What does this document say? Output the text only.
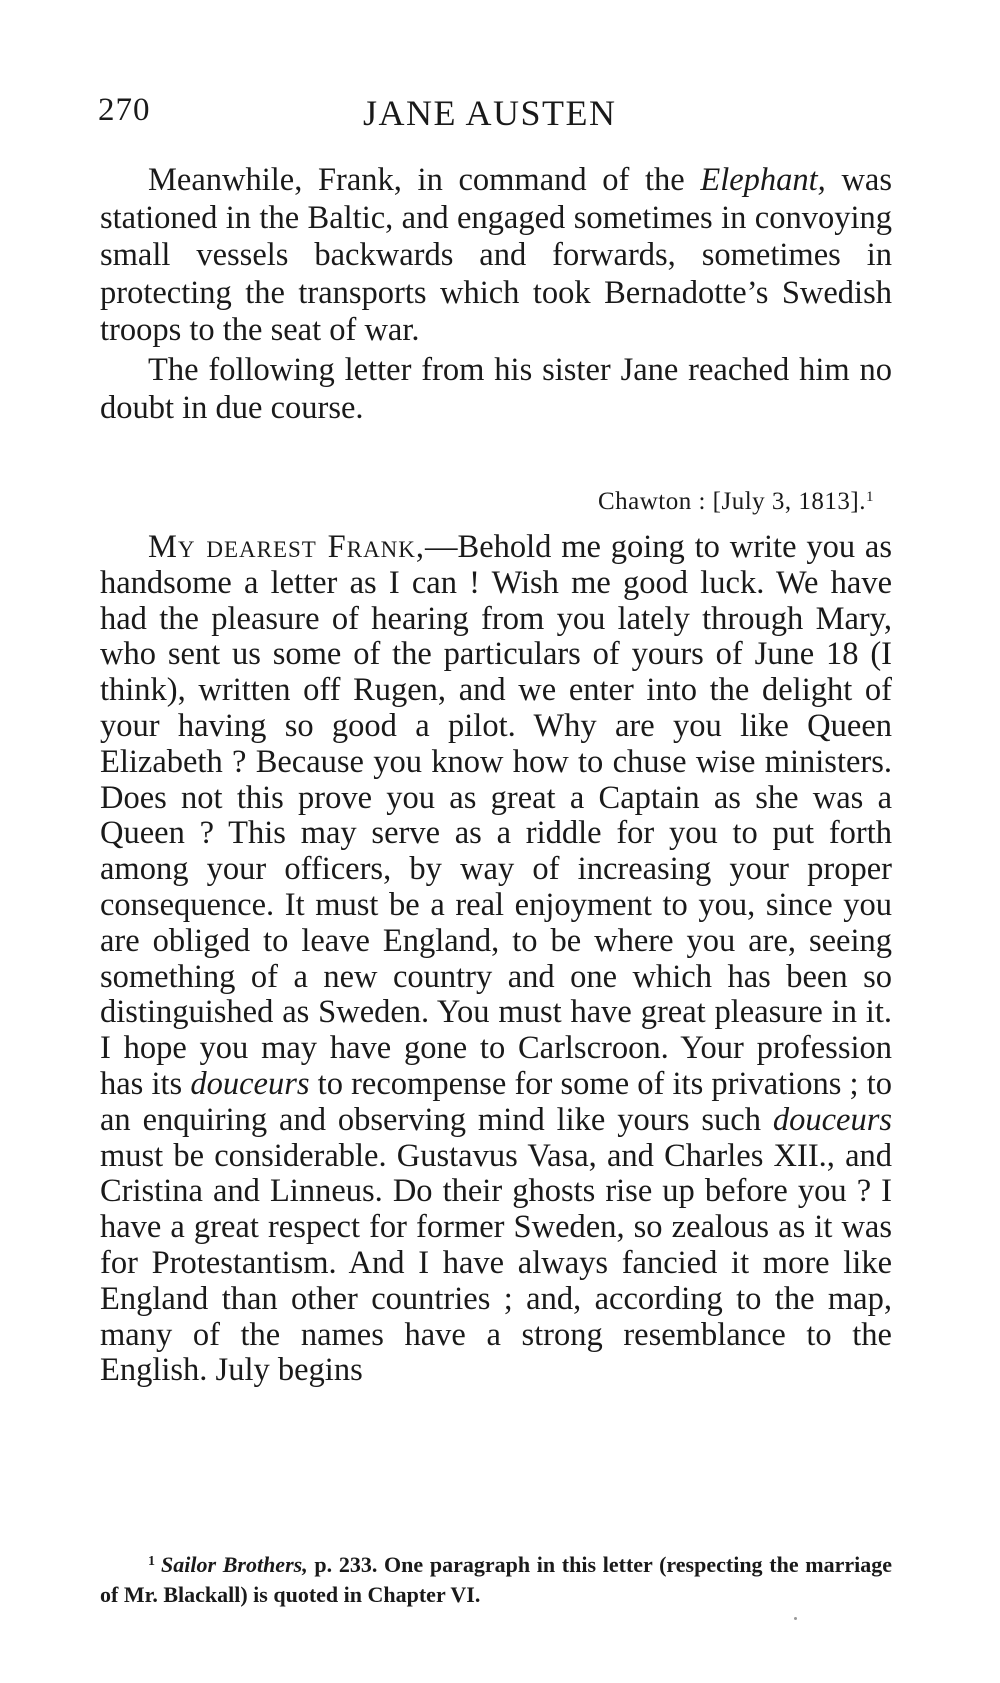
270	JANE AUSTEN

Meanwhile, Frank, in command of the Elephant, was stationed in the Baltic, and engaged sometimes in convoying small vessels backwards and forwards, sometimes in protecting the transports which took Bernadotte’s Swedish troops to the seat of war.

The following letter from his sister Jane reached him no doubt in due course.

Chawton : [July 3, 1813].$^1$

My dearest Frank,—Behold me going to write you as handsome a letter as I can ! Wish me good luck. We have had the pleasure of hearing from you lately through Mary, who sent us some of the particulars of yours of June 18 (I think), written off Rugen, and we enter into the delight of your having so good a pilot. Why are you like Queen Elizabeth ? Because you know how to chuse wise ministers. Does not this prove you as great a Captain as she was a Queen ? This may serve as a riddle for you to put forth among your officers, by way of increasing your proper consequence. It must be a real enjoyment to you, since you are obliged to leave England, to be where you are, seeing something of a new country and one which has been so distinguished as Sweden. You must have great pleasure in it. I hope you may have gone to Carlscroon. Your profession has its douceurs to recompense for some of its privations ; to an enquiring and observing mind like yours such douceurs must be considerable. Gustavus Vasa, and Charles XII., and Cristina and Linneus. Do their ghosts rise up before you ? I have a great respect for former Sweden, so zealous as it was for Protestantism. And I have always fancied it more like England than other countries ; and, according to the map, many of the names have a strong resemblance to the English. July begins

$^1$ Sailor Brothers, p. 233. One paragraph in this letter (respecting the marriage of Mr. Blackall) is quoted in Chapter VI.
